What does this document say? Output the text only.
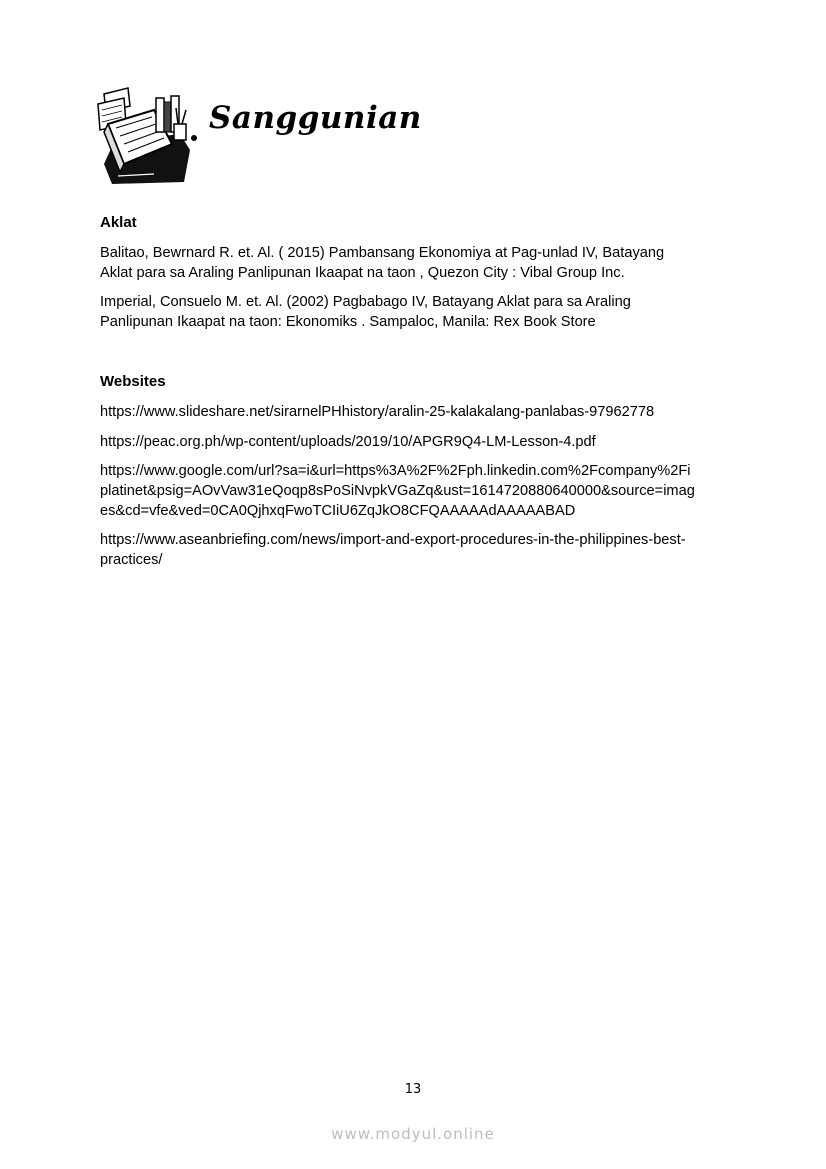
Sanggunian
Aklat
Balitao, Bewrnard R. et. Al. ( 2015) Pambansang Ekonomiya at Pag-unlad IV, Batayang
Aklat para sa Araling Panlipunan Ikaapat na taon , Quezon City : Vibal Group Inc.
Imperial, Consuelo M. et. Al. (2002) Pagbabago IV, Batayang Aklat para sa Araling
Panlipunan Ikaapat na taon: Ekonomiks . Sampaloc, Manila: Rex Book Store
Websites
https://www.slideshare.net/sirarnelPHhistory/aralin-25-kalakalang-panlabas-97962778
https://peac.org.ph/wp-content/uploads/2019/10/APGR9Q4-LM-Lesson-4.pdf
https://www.google.com/url?sa=i&url=https%3A%2F%2Fph.linkedin.com%2Fcompany%2Fi
platinet&psig=AOvVaw31eQoqp8sPoSiNvpkVGaZq&ust=1614720880640000&source=imag
es&cd=vfe&ved=0CA0QjhxqFwoTCIiU6ZqJkO8CFQAAAAAdAAAAABAD
https://www.aseanbriefing.com/news/import-and-export-procedures-in-the-philippines-best-
practices/
13
www.modyul.online
